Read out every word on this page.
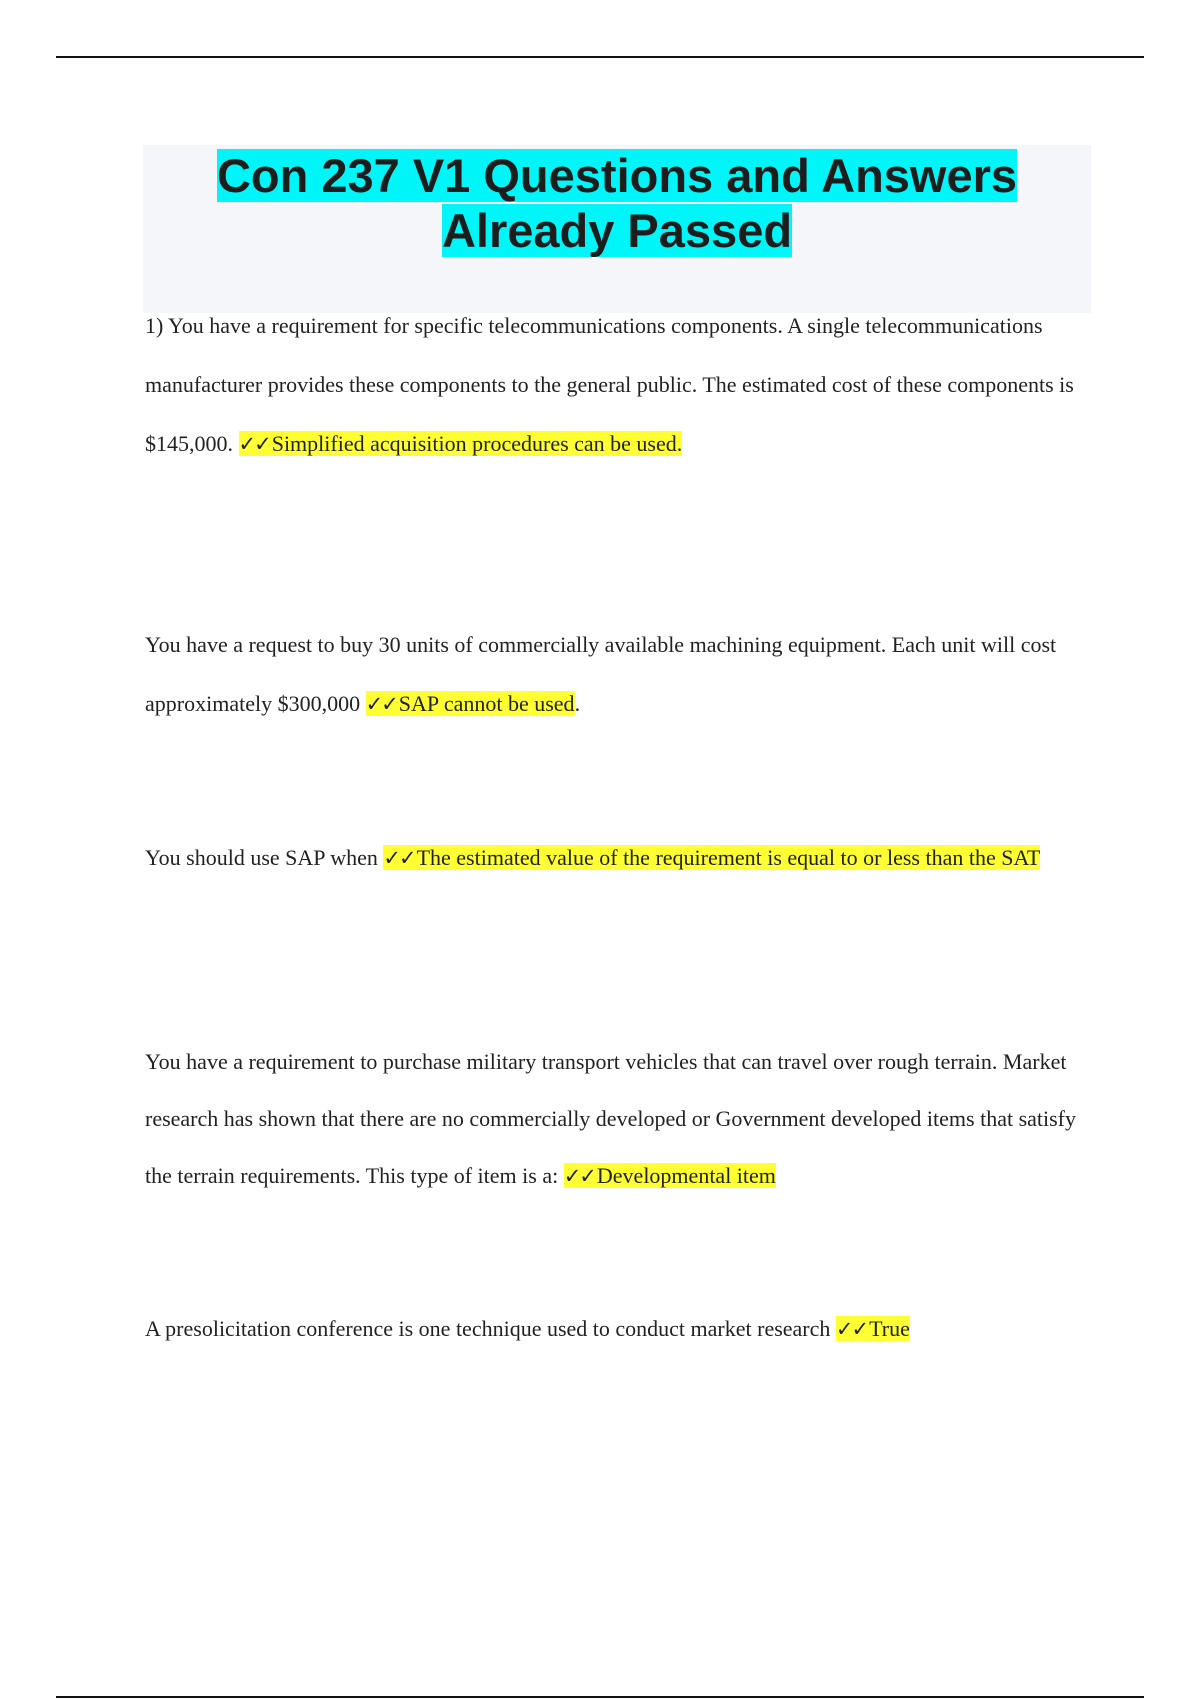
Con 237 V1 Questions and Answers
Already Passed

1) You have a requirement for specific telecommunications components. A single telecommunications manufacturer provides these components to the general public. The estimated cost of these components is $145,000. ✓✓Simplified acquisition procedures can be used.

You have a request to buy 30 units of commercially available machining equipment. Each unit will cost approximately $300,000 ✓✓SAP cannot be used.

You should use SAP when ✓✓The estimated value of the requirement is equal to or less than the SAT

You have a requirement to purchase military transport vehicles that can travel over rough terrain. Market research has shown that there are no commercially developed or Government developed items that satisfy the terrain requirements. This type of item is a: ✓✓Developmental item

A presolicitation conference is one technique used to conduct market research ✓✓True
